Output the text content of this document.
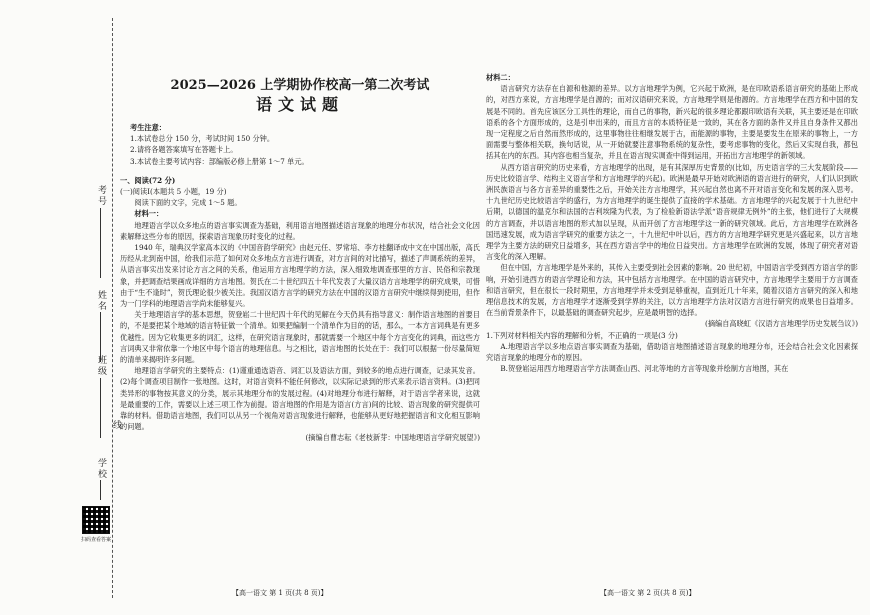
考号
姓名
班级
线
学校
扫码查看答案
2025—2026 上学期协作校高一第二次考试
语文试题

考生注意：

1.本试卷总分 150 分，考试时间 150 分钟。

2.请将各题答案填写在答题卡上。

3.本试卷主要考试内容：部编版必修上册第 1～7 单元。

一、阅读(72 分)

(一)阅读Ⅰ(本题共 5 小题，19 分)

阅读下面的文字，完成 1～5 题。

材料一：

地理语言学以众多地点的语言事实调查为基础，利用语言地图描述语言现象的地理分布状况，结合社会文化因素解释这些分布的原因，探索语言现象历时变化的过程。

1940 年，瑞典汉学家高本汉的《中国音韵学研究》由赵元任、罗常培、李方桂翻译成中文在中国出版，高氏历经从北到南中国，给我们示范了如何对众多地点方言进行调查，对方言间的对比描写，描述了声调系统的差异，从语言事实出发来讨论方言之间的关系，他运用方言地理学的方法，深入细致地调查那里的方言、民俗和宗教现象，并把调查结果画成详细的方言地图。贺氏在二十世纪四五十年代发表了大量汉语方言地理学的研究成果，可惜由于“生不逢时”，贺氏理论很少被关注。我国汉语方言学的研究方法在中国的汉语方言研究中继续得到使用，但作为一门学科的地理语言学尚未能够复兴。

关于地理语言学的基本思想，贺登崧二十世纪四十年代的见解在今天仍具有指导意义：制作语言地图的首要目的，不是要把某个地域的语言特征做一个清单。如果把编制一个清单作为目的的话，那么，一本方言词典是有更多优越性。因为它收集更多的词汇，这样，在研究语言现象时，那就需要一个地区中每个方言变化的词典，而这些方言词典又非常依靠一个地区中每个语言的地理信息。与之相比，语言地图的长处在于：我们可以根据一份尽量简短的清单来揭明许多问题。

地理语言学研究的主要特点：(1)谨重通选语音、词汇以及语法方面，到较多的地点进行调查，记录其发音。(2)每个调查项目制作一张地图。这时，对语言资料不能任何修改，以实际记录到的形式来表示语言资料。(3)把同类异形的事物按其意义的分类，展示其地理分布的发展过程。(4)对地理分布进行解释，对于语言学者来说，这就是最重要的工作，需要以上述三项工作为前提。语言地图的作用是为语言(方言)间的比较、语言现象的研究提供可靠的材料。借助语言地图，我们可以从另一个视角对语言现象进行解释，也能够从更好地把握语言和文化相互影响的问题。

(摘编自曹志耘《老枝新芽：中国地理语言学研究展望》)

材料二：

语言研究方法存在自源和他源的差异。以方言地理学为例，它兴起于欧洲，是在印欧语系语言研究的基础上形成的，对西方来说，方言地理学是自源的；而对汉语研究来说，方言地理学则是他源的。方言地理学在西方和中国的发展是不同的。首先应该区分工具性的理论，而自己的事物，新兴起的很多理论都跟印欧语有关联，其主要还是在印欧语系的各个方面形成的，这是引申出来的，而且方言的本质特征是一致的，其在各方面的条件又并且自身条件又都出现一定程度之后自然而然形成的，这里事物往往相继发展于古，而能源的事物，主要是要发生在原来的事物上，一方面需要与整体相关联，换句话说，从一开始就要注意事物系统的复杂性，要考虑事物的变化，然后又实现自我，都包括其在内的东西。其内容也相当复杂，并且在语言现实调查中得到运用，开拓出方言地理学的新领域。

从西方语言研究的历史来看，方言地理学的出现，是有其深厚历史背景的(比如，历史语言学的三大发展阶段——历史比较语言学、结构主义语言学和方言地理学的兴起)。欧洲是最早开始对欧洲语的语言进行的研究，人们认识到欧洲民族语言与各方言差异的重要性之后，开始关注方言地理学，其兴起自然也离不开对语言变化和发展的深入思考。十九世纪历史比较语言学的盛行，为方言地理学的诞生提供了直接的学术基础。方言地理学的兴起发展于十九世纪中后期，以德国的温克尔和法国的吉利埃隆为代表，为了检验新语法学派“语音规律无例外”的主张，他们进行了大规模的方言调查，并以语言地图的形式加以呈现，从而开创了方言地理学这一新的研究领域。此后，方言地理学在欧洲各国迅速发展，成为语言学研究的重要方法之一，十九世纪中叶以后，西方的方言地理学研究更是兴盛起来，以方言地理学为主要方法的研究日益增多，其在西方语言学中的地位日益突出。方言地理学在欧洲的发展，体现了研究者对语言变化的深入理解。

但在中国，方言地理学是外来的，其传入主要受到社会因素的影响。20 世纪初，中国语言学受到西方语言学的影响，开始引进西方的语言学理论和方法，其中包括方言地理学。在中国的语言研究中，方言地理学主要用于方言调查和语言研究，但在很长一段时期里，方言地理学并未受到足够重视，直到近几十年来，随着汉语方言研究的深入和地理信息技术的发展，方言地理学才逐渐受到学界的关注，以方言地理学方法对汉语方言进行研究的成果也日益增多。在当前背景条件下，以最基础的调查研究起步，应是最明智的选择。

(摘编自高晓虹《汉语方言地理学历史发展刍议》)

1.下列对材料相关内容的理解和分析，不正确的一项是(3 分)

A.地理语言学以多地点语言事实调查为基础，借助语言地图描述语言现象的地理分布，还会结合社会文化因素探究语言现象的地理分布的原因。

B.贺登崧运用西方地理语言学方法调查山西、河北等地的方言等现象并绘制方言地图，其在

【高一语文 第 1 页(共 8 页)】	【高一语文 第 2 页(共 8 页)】
